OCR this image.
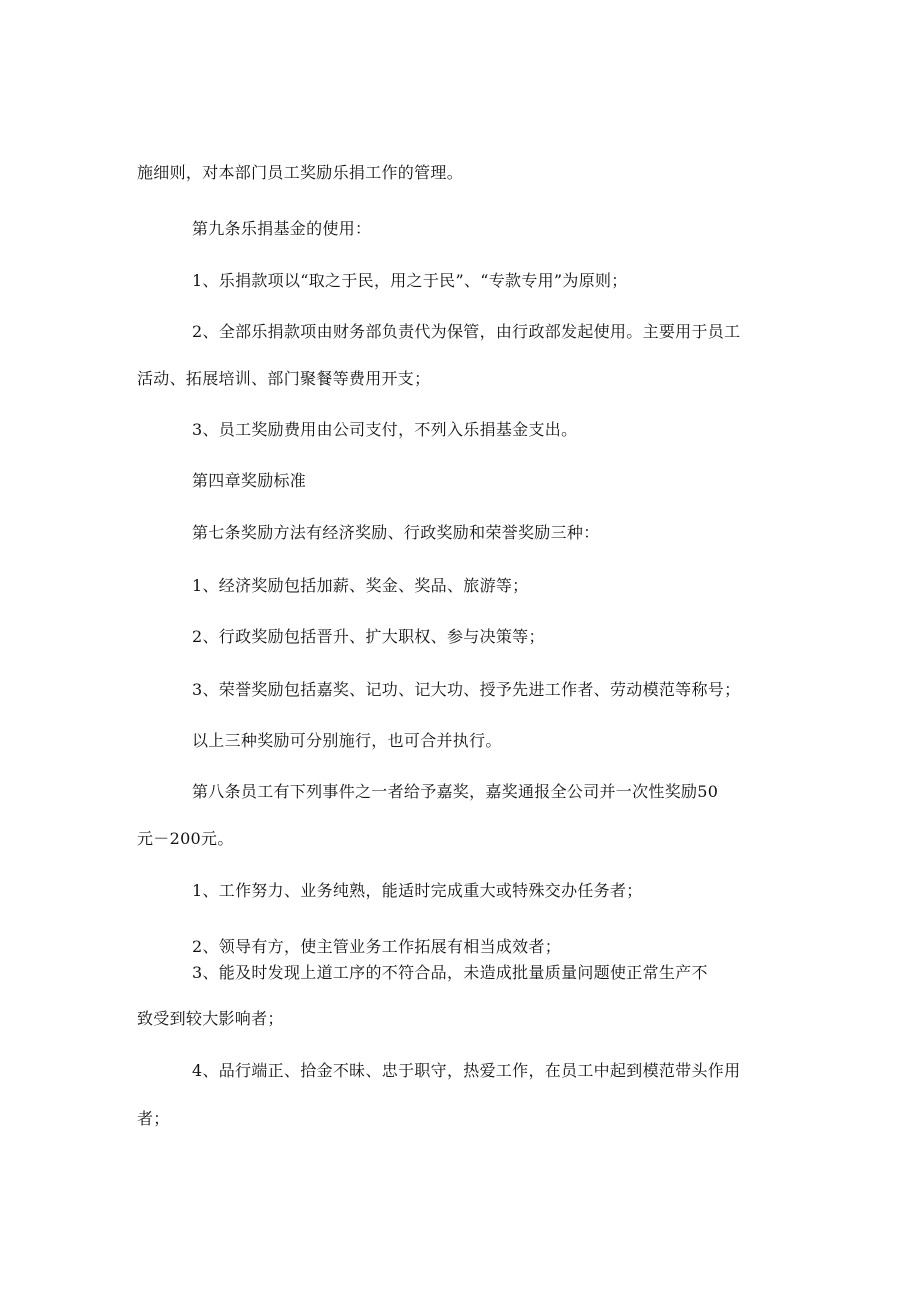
施细则，对本部门员工奖励乐捐工作的管理。
第九条乐捐基金的使用：
1、乐捐款项以“取之于民，用之于民”、“专款专用”为原则；
2、全部乐捐款项由财务部负责代为保管，由行政部发起使用。主要用于员工
活动、拓展培训、部门聚餐等费用开支；
3、员工奖励费用由公司支付，不列入乐捐基金支出。
第四章奖励标准
第七条奖励方法有经济奖励、行政奖励和荣誉奖励三种：
1、经济奖励包括加薪、奖金、奖品、旅游等；
2、行政奖励包括晋升、扩大职权、参与决策等；
3、荣誉奖励包括嘉奖、记功、记大功、授予先进工作者、劳动模范等称号；
以上三种奖励可分别施行，也可合并执行。
第八条员工有下列事件之一者给予嘉奖，嘉奖通报全公司并一次性奖励50
元－200元。
1、工作努力、业务纯熟，能适时完成重大或特殊交办任务者；
2、领导有方，使主管业务工作拓展有相当成效者；
3、能及时发现上道工序的不符合品，未造成批量质量问题使正常生产不
致受到较大影响者；
4、品行端正、拾金不昧、忠于职守，热爱工作，在员工中起到模范带头作用
者；
